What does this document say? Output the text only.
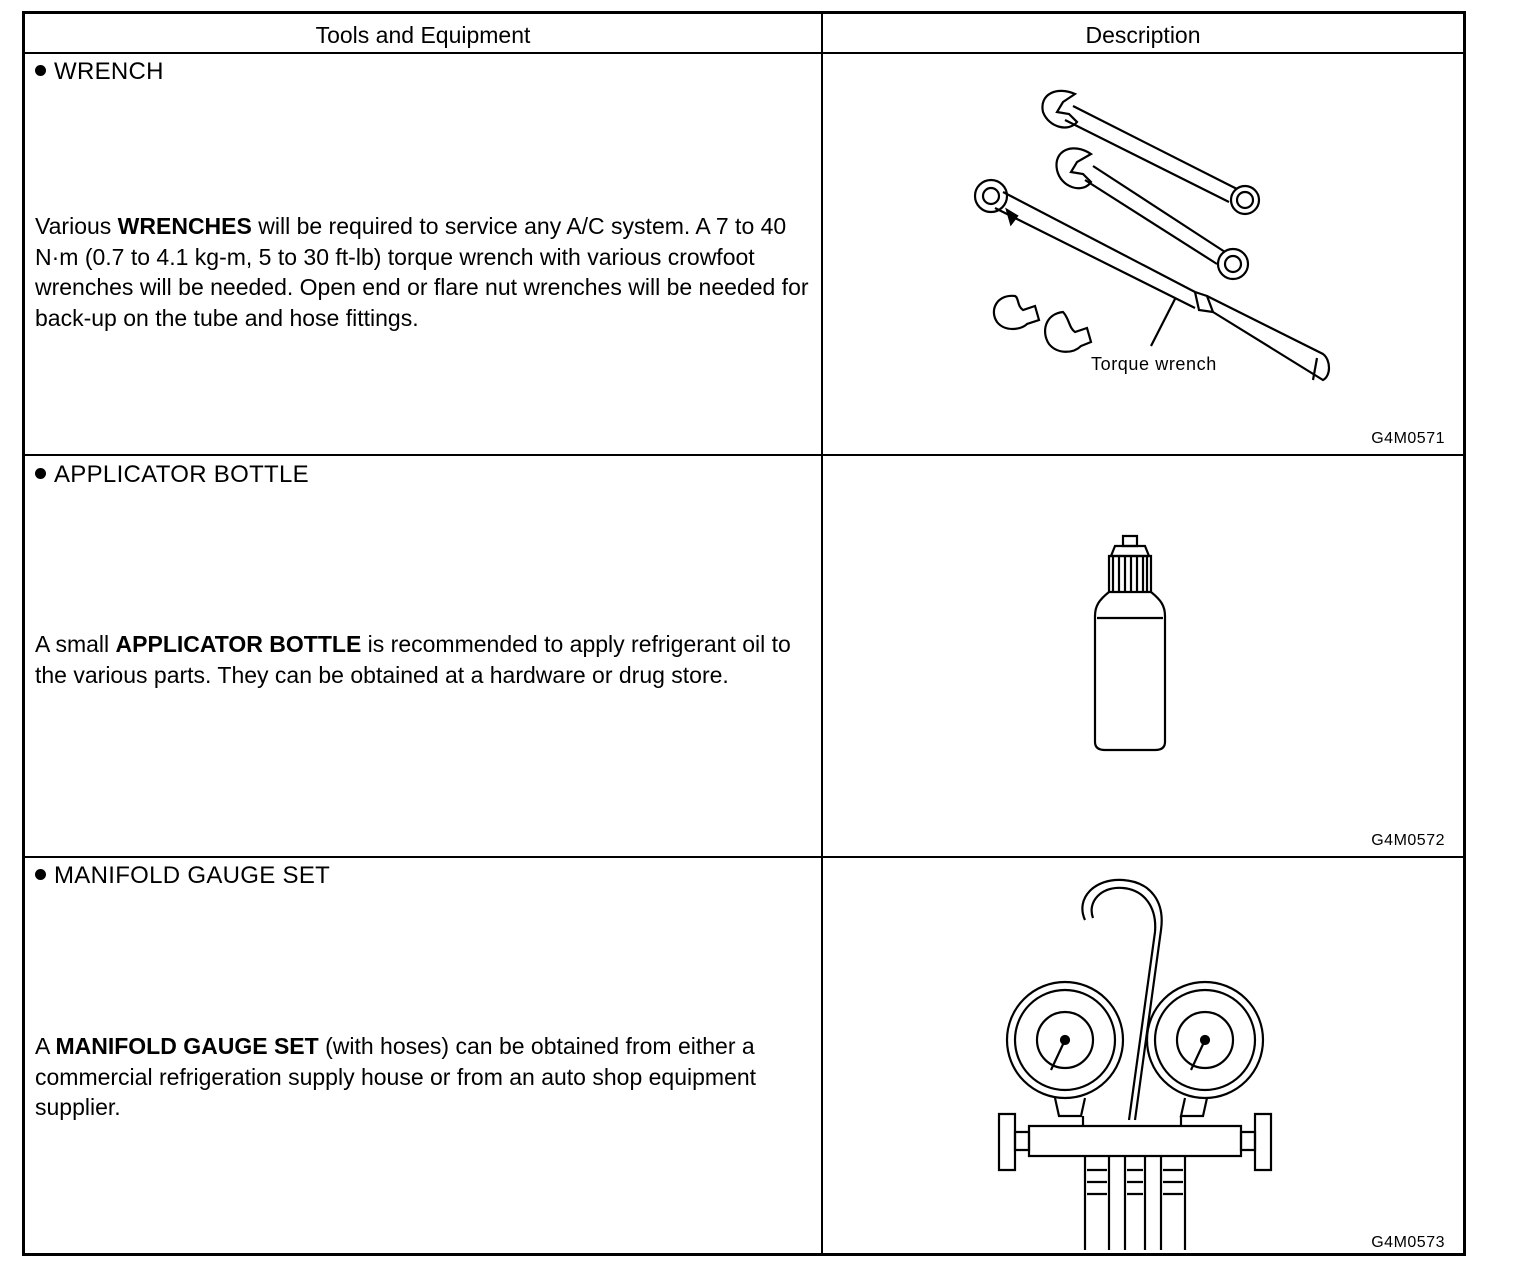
Tools and Equipment	Description
WRENCH
Various WRENCHES will be required to service any A/C system. A 7 to 40 N·m (0.7 to 4.1 kg-m, 5 to 30 ft-lb) torque wrench with various crowfoot wrenches will be needed. Open end or flare nut wrenches will be needed for back-up on the tube and hose fittings.
Torque wrench
G4M0571
APPLICATOR BOTTLE
A small APPLICATOR BOTTLE is recommended to apply refrigerant oil to the various parts. They can be obtained at a hardware or drug store.
G4M0572
MANIFOLD GAUGE SET
A MANIFOLD GAUGE SET (with hoses) can be obtained from either a commercial refrigeration supply house or from an auto shop equipment supplier.
G4M0573
